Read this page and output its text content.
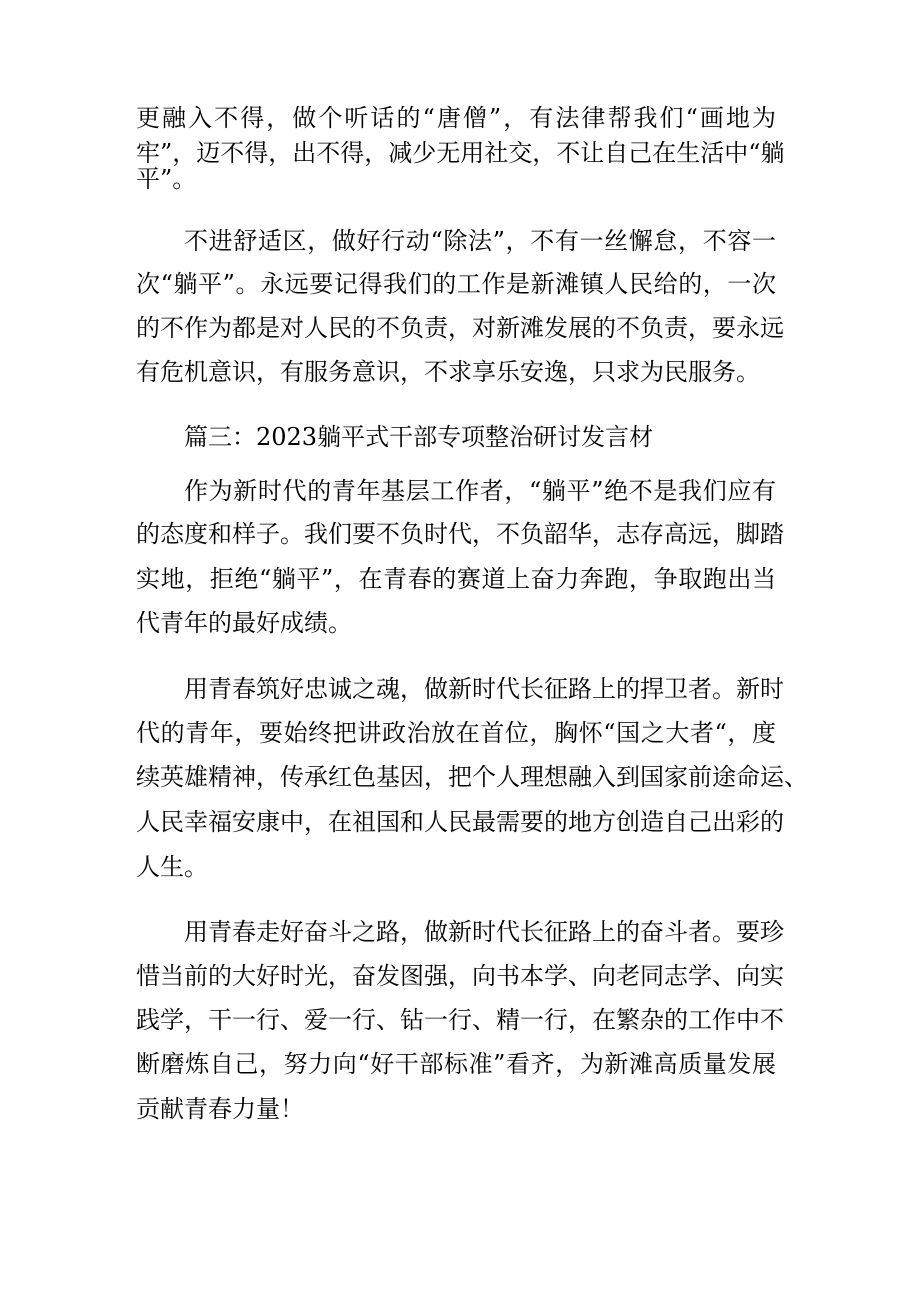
更融入不得，做个听话的“唐僧”，有法律帮我们“画地为

牢”，迈不得，出不得，减少无用社交，不让自己在生活中“躺

平”。

不进舒适区，做好行动“除法”，不有一丝懈怠，不容一

次“躺平”。永远要记得我们的工作是新滩镇人民给的，一次

的不作为都是对人民的不负责，对新滩发展的不负责，要永远

有危机意识，有服务意识，不求享乐安逸，只求为民服务。

篇三：2023躺平式干部专项整治研讨发言材

作为新时代的青年基层工作者，“躺平”绝不是我们应有

的态度和样子。我们要不负时代，不负韶华，志存高远，脚踏

实地，拒绝“躺平”，在青春的赛道上奋力奔跑，争取跑出当

代青年的最好成绩。

用青春筑好忠诚之魂，做新时代长征路上的捍卫者。新时

代的青年，要始终把讲政治放在首位，胸怀“国之大者“，度

续英雄精神，传承红色基因，把个人理想融入到国家前途命运、

人民幸福安康中，在祖国和人民最需要的地方创造自己出彩的

人生。

用青春走好奋斗之路，做新时代长征路上的奋斗者。要珍

惜当前的大好时光，奋发图强，向书本学、向老同志学、向实

践学，干一行、爱一行、钻一行、精一行，在繁杂的工作中不

断磨炼自己，努力向“好干部标准”看齐，为新滩高质量发展

贡献青春力量！
